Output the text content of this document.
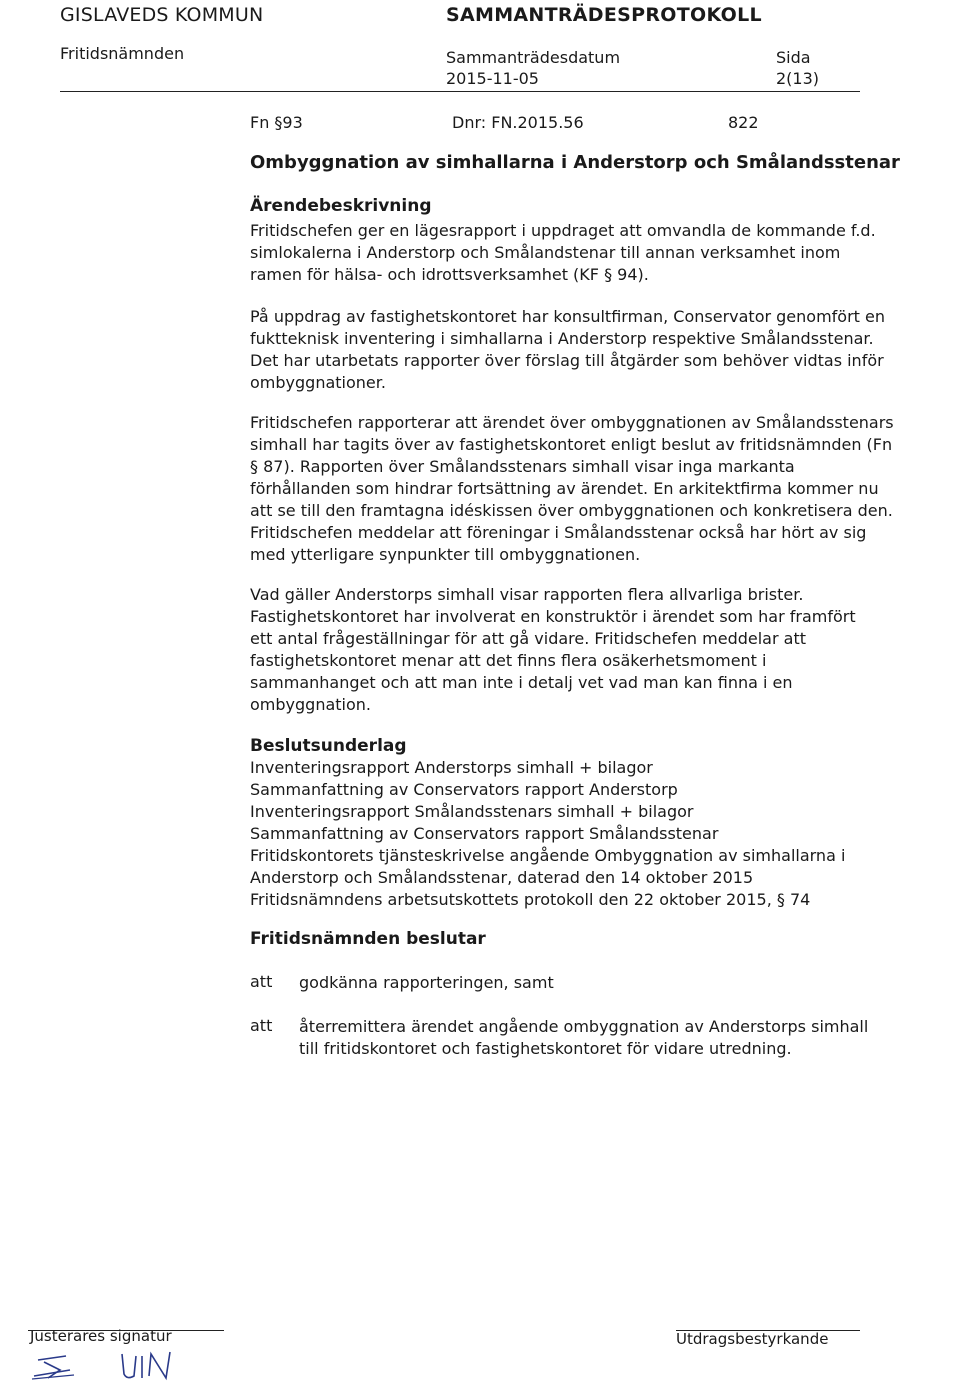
GISLAVEDS KOMMUN	SAMMANTRÄDESPROTOKOLL
Fritidsnämnden	Sammanträdesdatum
2015-11-05
Sida
2(13)
Fn §93	Dnr: FN.2015.56	822
Ombyggnation av simhallarna i Anderstorp och Smålandsstenar
Ärendebeskrivning
Fritidschefen ger en lägesrapport i uppdraget att omvandla de kommande f.d.
simlokalerna i Anderstorp och Smålandstenar till annan verksamhet inom
ramen för hälsa- och idrottsverksamhet (KF § 94).
På uppdrag av fastighetskontoret har konsultfirman, Conservator genomfört en
fuktteknisk inventering i simhallarna i Anderstorp respektive Smålandsstenar.
Det har utarbetats rapporter över förslag till åtgärder som behöver vidtas inför
ombyggnationer.
Fritidschefen rapporterar att ärendet över ombyggnationen av Smålandsstenars
simhall har tagits över av fastighetskontoret enligt beslut av fritidsnämnden (Fn
§ 87). Rapporten över Smålandsstenars simhall visar inga markanta
förhållanden som hindrar fortsättning av ärendet. En arkitektfirma kommer nu
att se till den framtagna idéskissen över ombyggnationen och konkretisera den.
Fritidschefen meddelar att föreningar i Smålandsstenar också har hört av sig
med ytterligare synpunkter till ombyggnationen.
Vad gäller Anderstorps simhall visar rapporten flera allvarliga brister.
Fastighetskontoret har involverat en konstruktör i ärendet som har framfört
ett antal frågeställningar för att gå vidare. Fritidschefen meddelar att
fastighetskontoret menar att det finns flera osäkerhetsmoment i
sammanhanget och att man inte i detalj vet vad man kan finna i en
ombyggnation.
Beslutsunderlag
Inventeringsrapport Anderstorps simhall + bilagor
Sammanfattning av Conservators rapport Anderstorp
Inventeringsrapport Smålandsstenars simhall + bilagor
Sammanfattning av Conservators rapport Smålandsstenar
Fritidskontorets tjänsteskrivelse angående Ombyggnation av simhallarna i
Anderstorp och Smålandsstenar, daterad den 14 oktober 2015
Fritidsnämndens arbetsutskottets protokoll den 22 oktober 2015, § 74
Fritidsnämnden beslutar
att godkänna rapporteringen, samt
att återremittera ärendet angående ombyggnation av Anderstorps simhall till fritidskontoret och fastighetskontoret för vidare utredning.
Justerares signatur	Utdragsbestyrkande
